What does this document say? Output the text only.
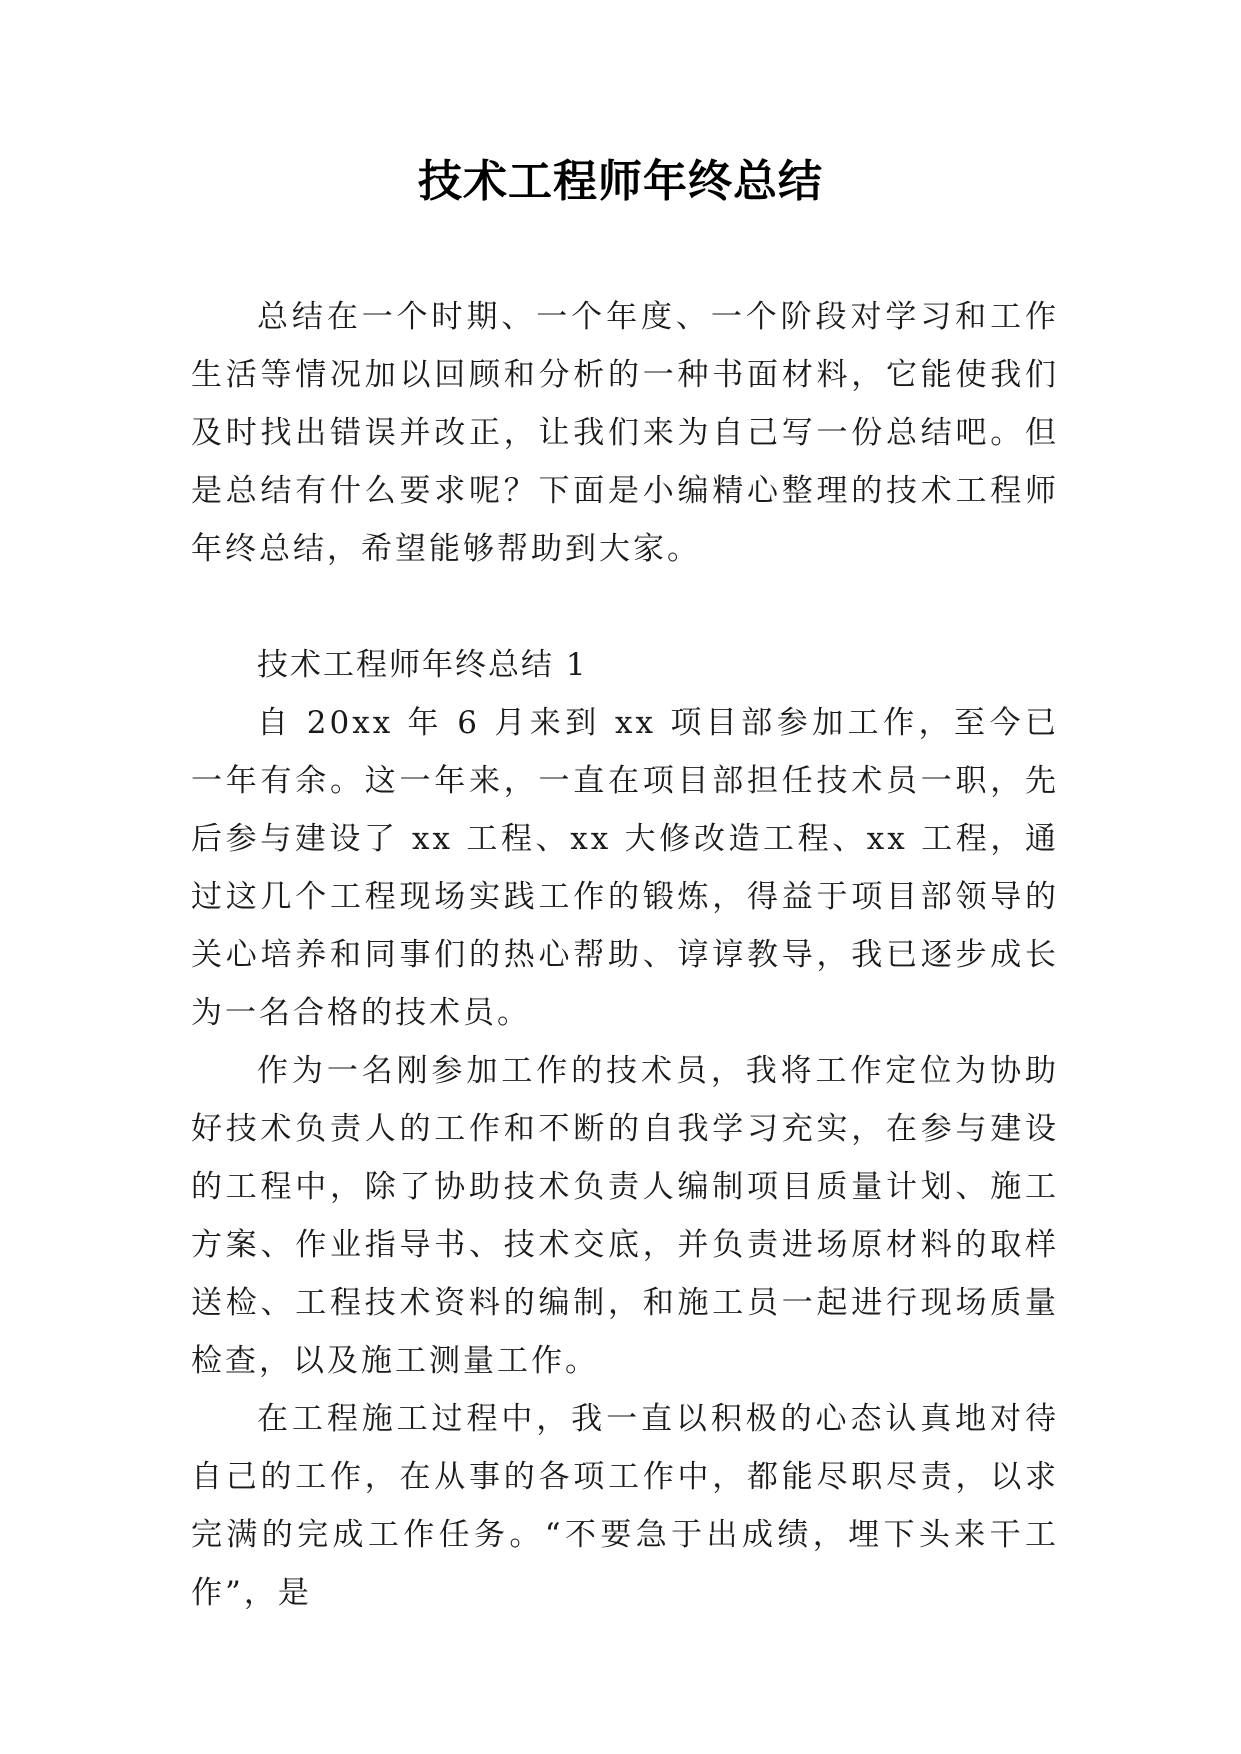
技术工程师年终总结

总结在一个时期、一个年度、一个阶段对学习和工作生活等情况加以回顾和分析的一种书面材料，它能使我们及时找出错误并改正，让我们来为自己写一份总结吧。但是总结有什么要求呢？下面是小编精心整理的技术工程师年终总结，希望能够帮助到大家。

技术工程师年终总结 1

自 20xx 年 6 月来到 xx 项目部参加工作，至今已一年有余。这一年来，一直在项目部担任技术员一职，先后参与建设了 xx 工程、xx 大修改造工程、xx 工程，通过这几个工程现场实践工作的锻炼，得益于项目部领导的关心培养和同事们的热心帮助、谆谆教导，我已逐步成长为一名合格的技术员。

作为一名刚参加工作的技术员，我将工作定位为协助好技术负责人的工作和不断的自我学习充实，在参与建设的工程中，除了协助技术负责人编制项目质量计划、施工方案、作业指导书、技术交底，并负责进场原材料的取样送检、工程技术资料的编制，和施工员一起进行现场质量检查，以及施工测量工作。

在工程施工过程中，我一直以积极的心态认真地对待自己的工作，在从事的各项工作中，都能尽职尽责，以求完满的完成工作任务。“不要急于出成绩，埋下头来干工作”，是
